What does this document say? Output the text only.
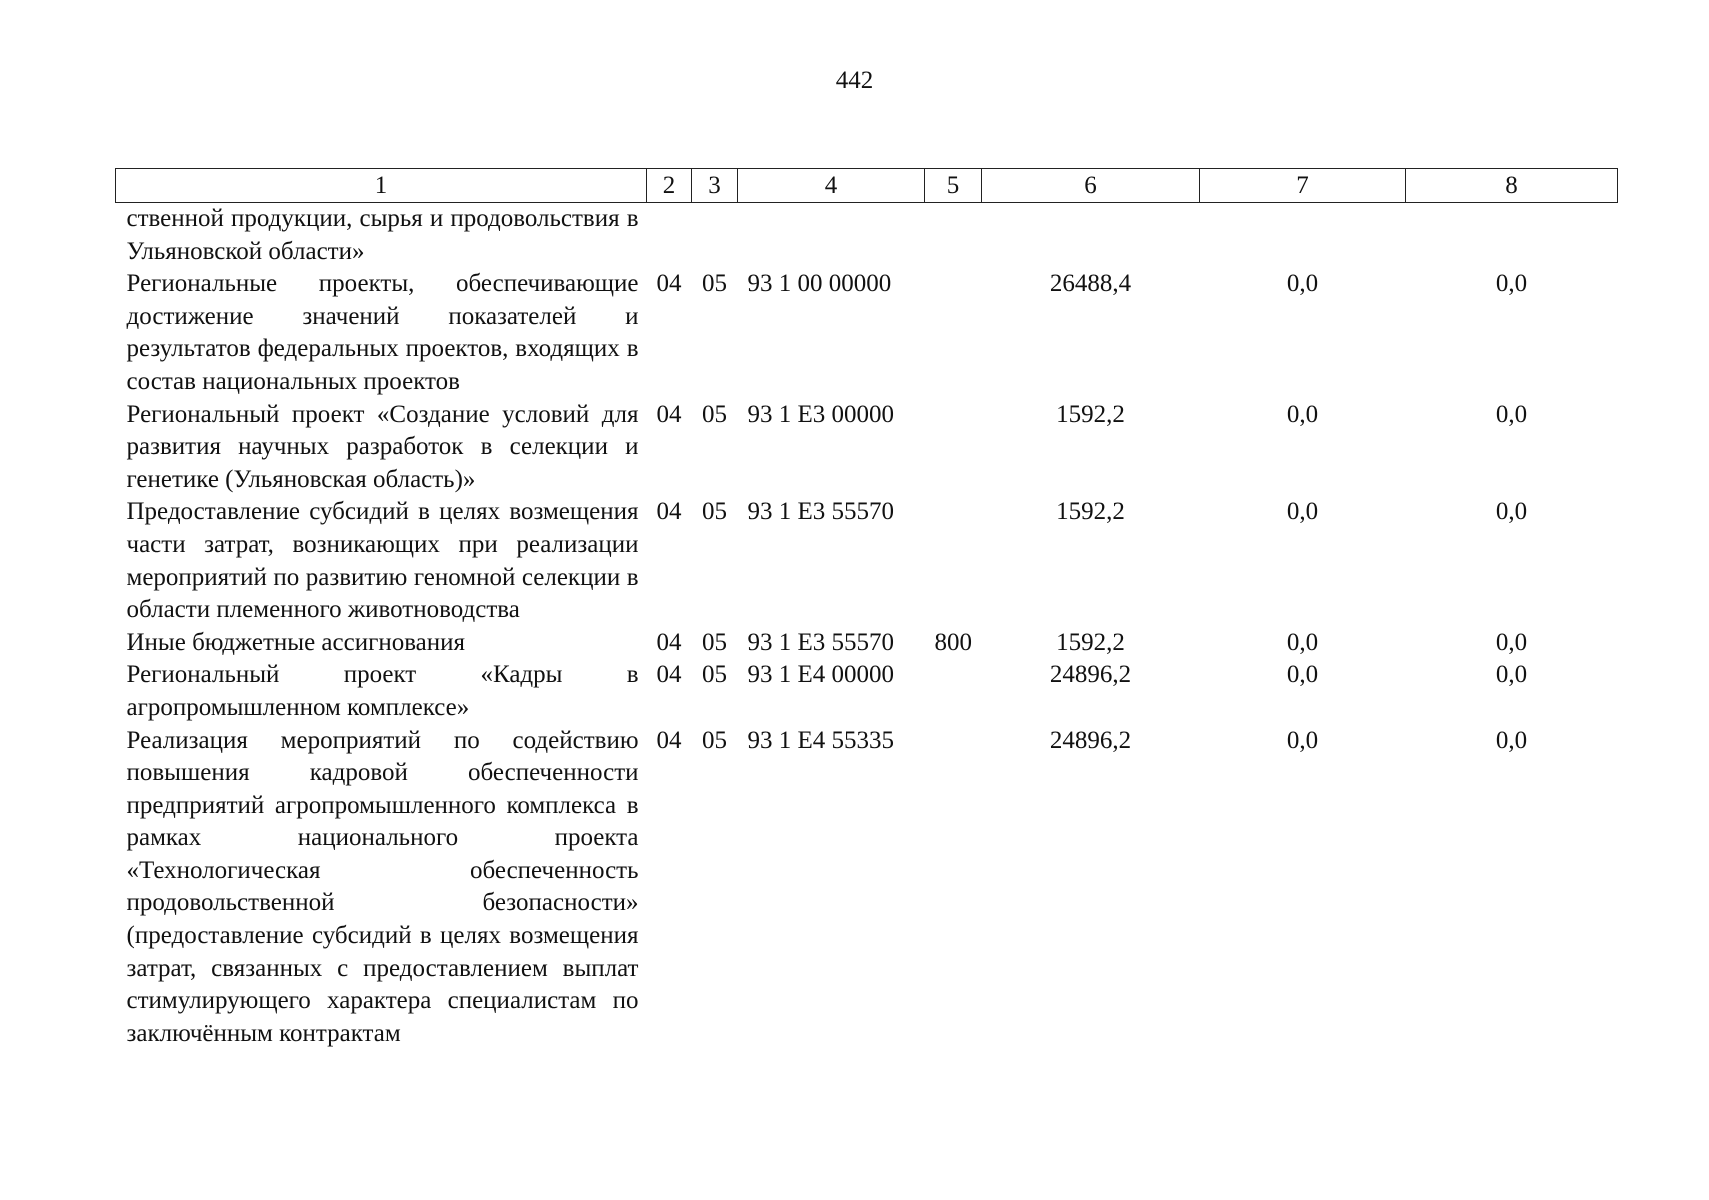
442
1	2	3	4	5	6	7	8
ственной продукции, сырья и продовольствия в Ульяновской области»							
Региональные проекты, обеспечивающие достижение значений показателей и результатов федеральных проектов, входящих в состав национальных проектов	04	05	93 1 00 00000		26488,4	0,0	0,0
Региональный проект «Создание условий для развития научных разработок в селекции и генетике (Ульяновская область)»	04	05	93 1 Е3 00000		1592,2	0,0	0,0
Предоставление субсидий в целях возмещения части затрат, возникающих при реализации мероприятий по развитию геномной селекции в области племенного животноводства	04	05	93 1 Е3 55570		1592,2	0,0	0,0
Иные бюджетные ассигнования	04	05	93 1 Е3 55570	800	1592,2	0,0	0,0
Региональный проект «Кадры в агропромышленном комплексе»	04	05	93 1 Е4 00000		24896,2	0,0	0,0
Реализация мероприятий по содействию повышения кадровой обеспеченности предприятий агропромышленного комплекса в рамках национального проекта «Технологическая обеспеченность продовольственной безопасности» (предоставление субсидий в целях возмещения затрат, связанных с предоставлением выплат стимулирующего характера специалистам по заключённым контрактам	04	05	93 1 Е4 55335		24896,2	0,0	0,0
